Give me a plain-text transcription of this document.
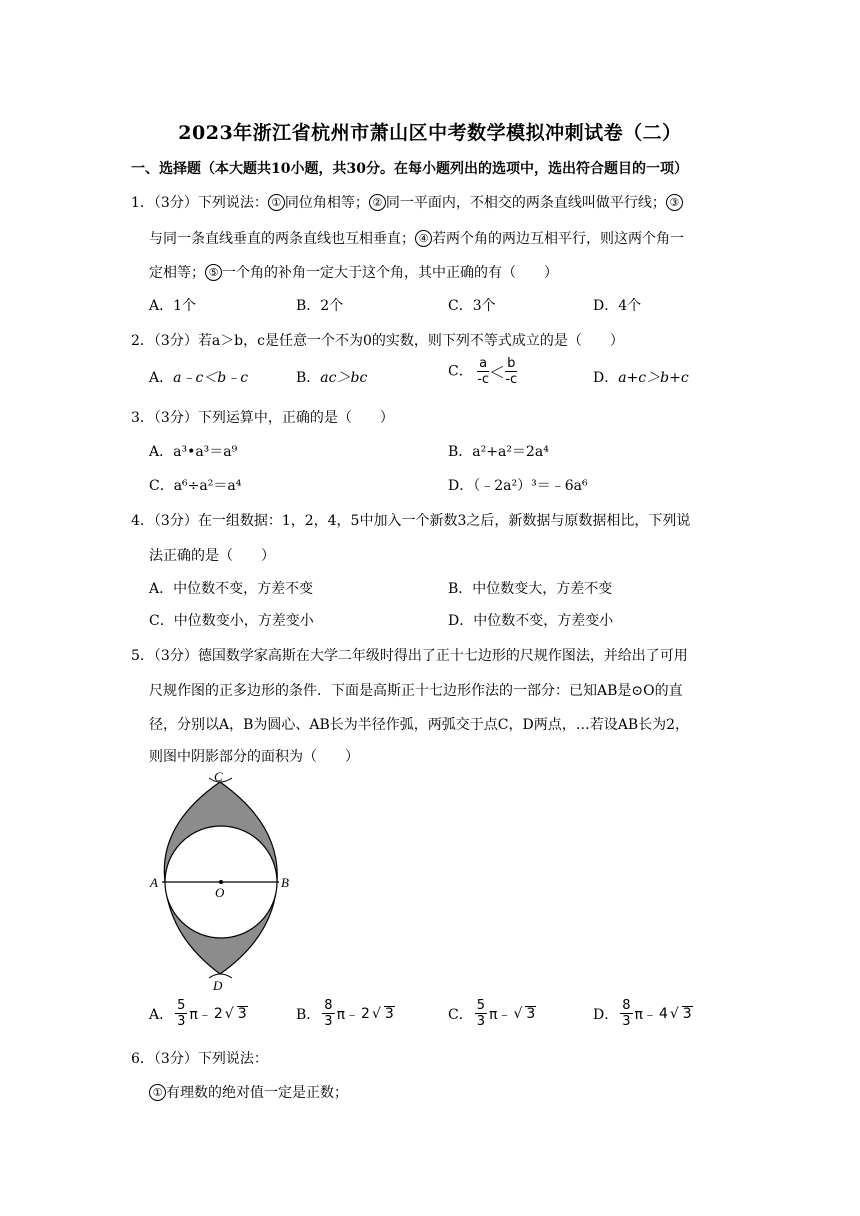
2023年浙江省杭州市萧山区中考数学模拟冲刺试卷（二）
一、选择题（本大题共10小题，共30分。在每小题列出的选项中，选出符合题目的一项）
1．（3分）下列说法： ① 同位角相等； ② 同一平面内，不相交的两条直线叫做平行线； ③
与同一条直线垂直的两条直线也互相垂直； ④ 若两个角的两边互相平行，则这两个角一
定相等； ⑤ 一个角的补角一定大于这个角，其中正确的有（　　）
A．1个	B．2个	C．3个	D．4个
2．（3分）若a＞b，c是任意一个不为0的实数，则下列不等式成立的是（　　）
A．a﹣c＜b﹣c	B．ac＞bc	C． $\frac{a}{-c} < \frac{b}{-c}$	D．a+c＞b+c
3．（3分）下列运算中，正确的是（　　）
A．a³•a³＝a⁹	B．a²+a²＝2a⁴
C．a⁶÷a²＝a⁴	D．（﹣2a²）³＝﹣6a⁶
4．（3分）在一组数据：1，2，4，5中加入一个新数3之后，新数据与原数据相比，下列说
法正确的是（　　）
A．中位数不变，方差不变	B．中位数变大，方差不变
C．中位数变小，方差变小	D．中位数不变，方差变小
5．（3分）德国数学家高斯在大学二年级时得出了正十七边形的尺规作图法，并给出了可用
尺规作图的正多边形的条件．下面是高斯正十七边形作法的一部分：已知AB是⊙O的直
径，分别以A，B为圆心、AB长为半径作弧，两弧交于点C，D两点，…若设AB长为2，
则图中阴影部分的面积为（　　）
C
A
O
B
D
A． $\frac{5}{3}$ π﹣ 2 √ 3	B． $\frac{8}{3}$ π﹣ 2 √ 3	C． $\frac{5}{3}$ π﹣ √ 3	D． $\frac{8}{3}$ π﹣ 4 √ 3
6．（3分）下列说法：
① 有理数的绝对值一定是正数；
